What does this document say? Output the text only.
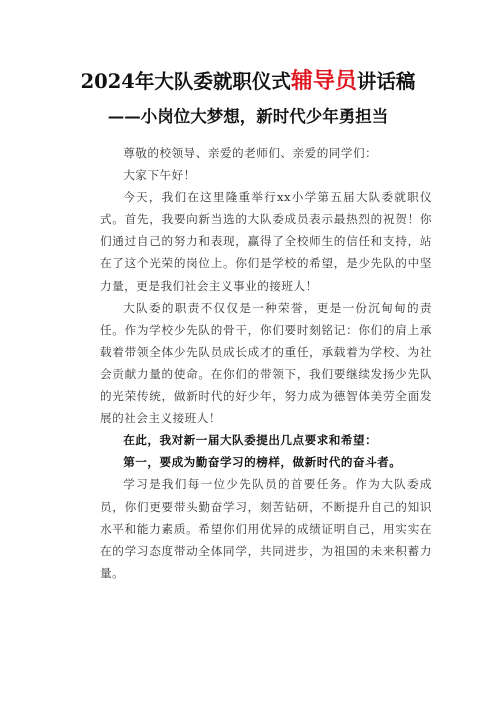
2024年大队委就职仪式辅导员讲话稿
——小岗位大梦想，新时代少年勇担当

尊敬的校领导、亲爱的老师们、亲爱的同学们：

大家下午好！

今天，我们在这里隆重举行xx小学第五届大队委就职仪式。首先，我要向新当选的大队委成员表示最热烈的祝贺！你们通过自己的努力和表现，赢得了全校师生的信任和支持，站在了这个光荣的岗位上。你们是学校的希望，是少先队的中坚力量，更是我们社会主义事业的接班人！

大队委的职责不仅仅是一种荣誉，更是一份沉甸甸的责任。作为学校少先队的骨干，你们要时刻铭记：你们的肩上承载着带领全体少先队员成长成才的重任，承载着为学校、为社会贡献力量的使命。在你们的带领下，我们要继续发扬少先队的光荣传统，做新时代的好少年，努力成为德智体美劳全面发展的社会主义接班人！

在此，我对新一届大队委提出几点要求和希望：

第一，要成为勤奋学习的榜样，做新时代的奋斗者。

学习是我们每一位少先队员的首要任务。作为大队委成员，你们更要带头勤奋学习，刻苦钻研，不断提升自己的知识水平和能力素质。希望你们用优异的成绩证明自己，用实实在在的学习态度带动全体同学，共同进步，为祖国的未来积蓄力量。
